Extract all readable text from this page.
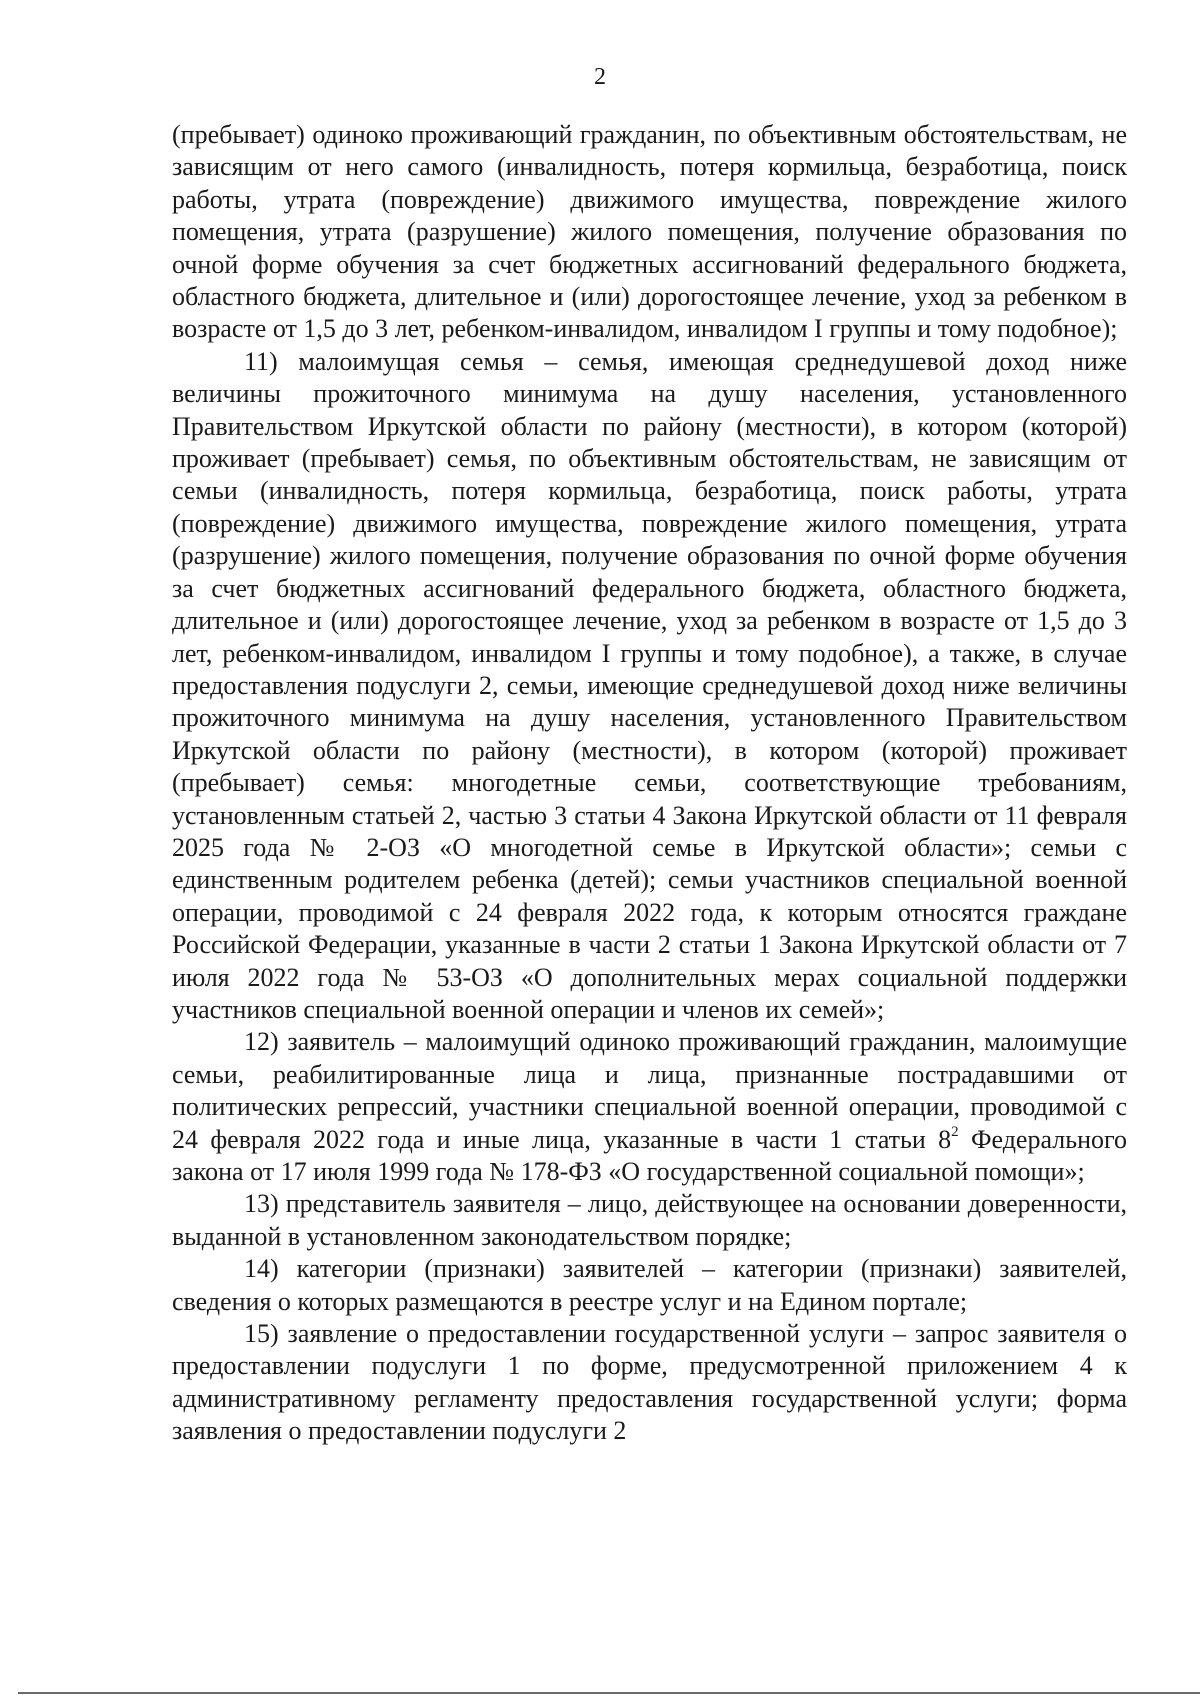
2

(пребывает) одиноко проживающий гражданин, по объективным обстоятельствам, не зависящим от него самого (инвалидность, потеря кормильца, безработица, поиск работы, утрата (повреждение) движимого имущества, повреждение жилого помещения, утрата (разрушение) жилого помещения, получение образования по очной форме обучения за счет бюджетных ассигнований федерального бюджета, областного бюджета, длительное и (или) дорогостоящее лечение, уход за ребенком в возрасте от 1,5 до 3 лет, ребенком-инвалидом, инвалидом I группы и тому подобное);

11) малоимущая семья – семья, имеющая среднедушевой доход ниже величины прожиточного минимума на душу населения, установленного Правительством Иркутской области по району (местности), в котором (которой) проживает (пребывает) семья, по объективным обстоятельствам, не зависящим от семьи (инвалидность, потеря кормильца, безработица, поиск работы, утрата (повреждение) движимого имущества, повреждение жилого помещения, утрата (разрушение) жилого помещения, получение образования по очной форме обучения за счет бюджетных ассигнований федерального бюджета, областного бюджета, длительное и (или) дорогостоящее лечение, уход за ребенком в возрасте от 1,5 до 3 лет, ребенком-инвалидом, инвалидом I группы и тому подобное), а также, в случае предоставления подуслуги 2, семьи, имеющие среднедушевой доход ниже величины прожиточного минимума на душу населения, установленного Правительством Иркутской области по району (местности), в котором (которой) проживает (пребывает) семья: многодетные семьи, соответствующие требованиям, установленным статьей 2, частью 3 статьи 4 Закона Иркутской области от 11 февраля 2025 года № 2-ОЗ «О многодетной семье в Иркутской области»; семьи с единственным родителем ребенка (детей); семьи участников специальной военной операции, проводимой с 24 февраля 2022 года, к которым относятся граждане Российской Федерации, указанные в части 2 статьи 1 Закона Иркутской области от 7 июля 2022 года № 53-ОЗ «О дополнительных мерах социальной поддержки участников специальной военной операции и членов их семей»;

12) заявитель – малоимущий одиноко проживающий гражданин, малоимущие семьи, реабилитированные лица и лица, признанные пострадавшими от политических репрессий, участники специальной военной операции, проводимой с 24 февраля 2022 года и иные лица, указанные в части 1 статьи $8^2$ Федерального закона от 17 июля 1999 года № 178-ФЗ «О государственной социальной помощи»;

13) представитель заявителя – лицо, действующее на основании доверенности, выданной в установленном законодательством порядке;

14) категории (признаки) заявителей – категории (признаки) заявителей, сведения о которых размещаются в реестре услуг и на Едином портале;

15) заявление о предоставлении государственной услуги – запрос заявителя о предоставлении подуслуги 1 по форме, предусмотренной приложением 4 к административному регламенту предоставления государственной услуги; форма заявления о предоставлении подуслуги 2
